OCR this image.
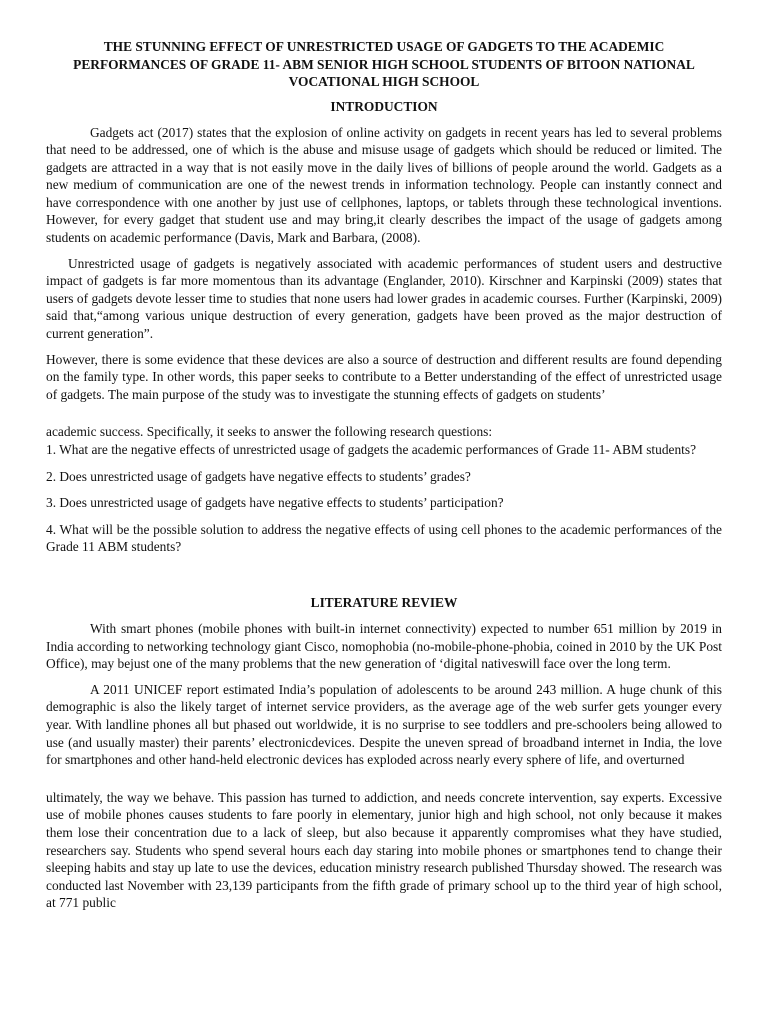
THE STUNNING EFFECT OF UNRESTRICTED USAGE OF GADGETS TO THE ACADEMIC PERFORMANCES OF GRADE 11- ABM SENIOR HIGH SCHOOL STUDENTS OF BITOON NATIONAL VOCATIONAL HIGH SCHOOL
INTRODUCTION

Gadgets act (2017) states that the explosion of online activity on gadgets in recent years has led to several problems that need to be addressed, one of which is the abuse and misuse usage of gadgets which should be reduced or limited. The gadgets are attracted in a way that is not easily move in the daily lives of billions of people around the world. Gadgets as a new medium of communication are one of the newest trends in information technology. People can instantly connect and have correspondence with one another by just use of cellphones, laptops, or tablets through these technological inventions. However, for every gadget that student use and may bring,it clearly describes the impact of the usage of gadgets among students on academic performance (Davis, Mark and Barbara, (2008).

Unrestricted usage of gadgets is negatively associated with academic performances of student users and destructive impact of gadgets is far more momentous than its advantage (Englander, 2010). Kirschner and Karpinski (2009) states that users of gadgets devote lesser time to studies that none users had lower grades in academic courses. Further (Karpinski, 2009) said that,“among various unique destruction of every generation, gadgets have been proved as the major destruction of current generation”.

However, there is some evidence that these devices are also a source of destruction and different results are found depending on the family type. In other words, this paper seeks to contribute to a Better understanding of the effect of unrestricted usage of gadgets. The main purpose of the study was to investigate the stunning effects of gadgets on students’

academic success. Specifically, it seeks to answer the following research questions:

1. What are the negative effects of unrestricted usage of gadgets the academic performances of Grade 11- ABM students?

2. Does unrestricted usage of gadgets have negative effects to students’ grades?

3. Does unrestricted usage of gadgets have negative effects to students’ participation?

4. What will be the possible solution to address the negative effects of using cell phones to the academic performances of the Grade 11 ABM students?

LITERATURE REVIEW

With smart phones (mobile phones with built-in internet connectivity) expected to number 651 million by 2019 in India according to networking technology giant Cisco, nomophobia (no-mobile-phone-phobia, coined in 2010 by the UK Post Office), may bejust one of the many problems that the new generation of ‘digital nativeswill face over the long term.

A 2011 UNICEF report estimated India’s population of adolescents to be around 243 million. A huge chunk of this demographic is also the likely target of internet service providers, as the average age of the web surfer gets younger every year. With landline phones all but phased out worldwide, it is no surprise to see toddlers and pre-schoolers being allowed to use (and usually master) their parents’ electronicdevices. Despite the uneven spread of broadband internet in India, the love for smartphones and other hand-held electronic devices has exploded across nearly every sphere of life, and overturned

ultimately, the way we behave. This passion has turned to addiction, and needs concrete intervention, say experts. Excessive use of mobile phones causes students to fare poorly in elementary, junior high and high school, not only because it makes them lose their concentration due to a lack of sleep, but also because it apparently compromises what they have studied, researchers say. Students who spend several hours each day staring into mobile phones or smartphones tend to change their sleeping habits and stay up late to use the devices, education ministry research published Thursday showed. The research was conducted last November with 23,139 participants from the fifth grade of primary school up to the third year of high school, at 771 public
